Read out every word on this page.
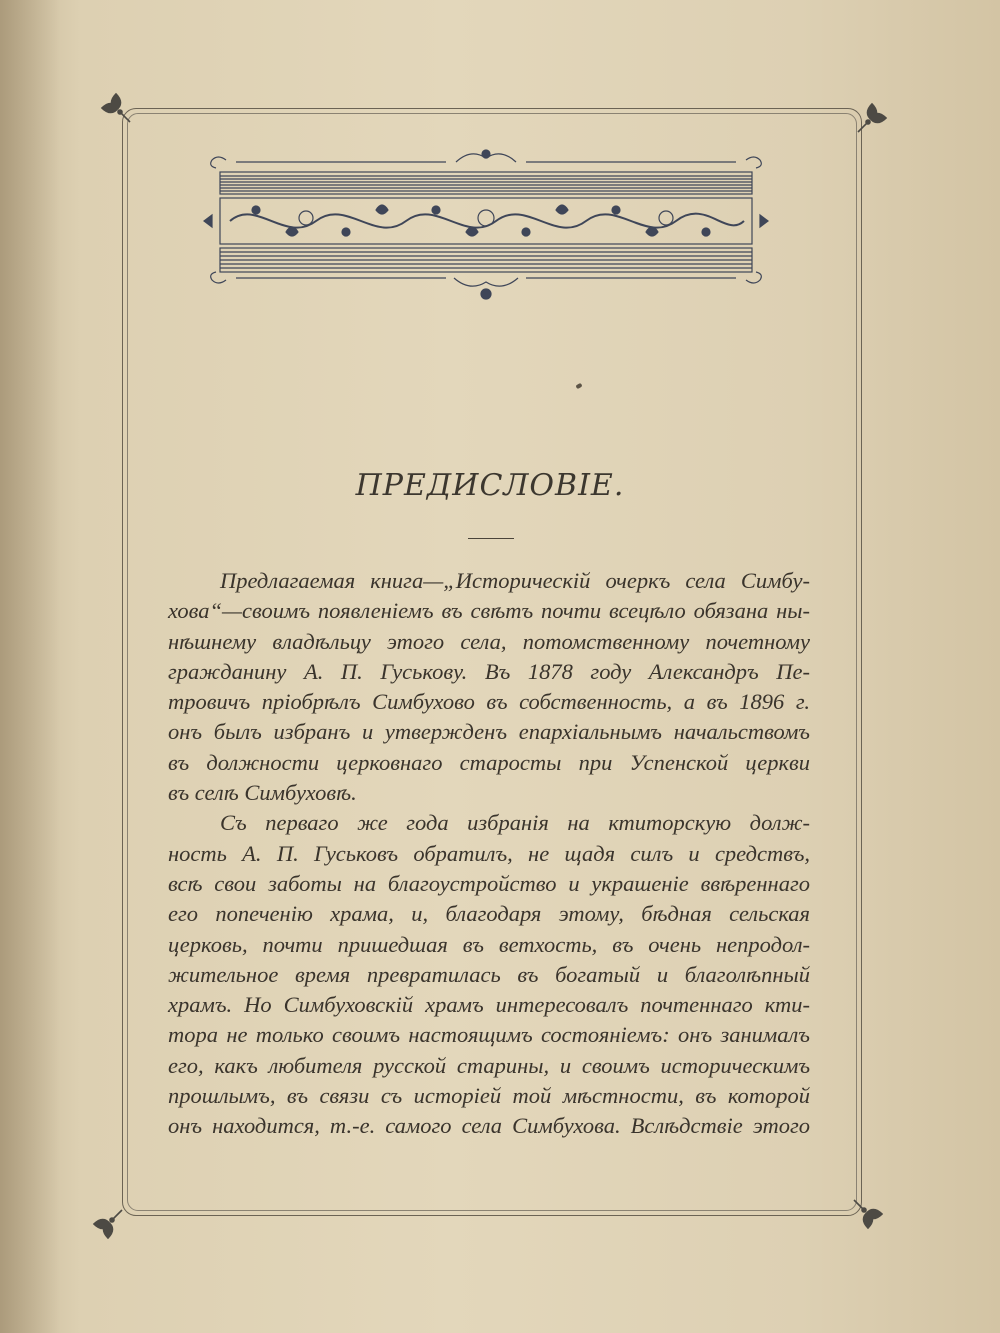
ПРЕДИСЛОВІЕ.
Предлагаемая книга—„Историческій очеркъ села Симбу-
хова“—своимъ появленіемъ въ свѣтъ почти всецѣло обязана ны-
нѣшнему владѣльцу этого села, потомственному почетному
гражданину А. П. Гуськову. Въ 1878 году Александръ Пе-
тровичъ пріобрѣлъ Симбухово въ собственность, а въ 1896 г.
онъ былъ избранъ и утвержденъ епархіальнымъ начальствомъ
въ должности церковнаго старосты при Успенской церкви
въ селѣ Симбуховѣ.
Съ перваго же года избранія на ктиторскую долж-
ность А. П. Гуськовъ обратилъ, не щадя силъ и средствъ,
всѣ свои заботы на благоустройство и украшеніе ввѣреннаго
его попеченію храма, и, благодаря этому, бѣдная сельская
церковь, почти пришедшая въ ветхость, въ очень непродол-
жительное время превратилась въ богатый и благолѣпный
храмъ. Но Симбуховскій храмъ интересовалъ почтеннаго кти-
тора не только своимъ настоящимъ состояніемъ: онъ занималъ
его, какъ любителя русской старины, и своимъ историческимъ
прошлымъ, въ связи съ исторіей той мѣстности, въ которой
онъ находится, т.-е. самого села Симбухова. Вслѣдствіе этого
